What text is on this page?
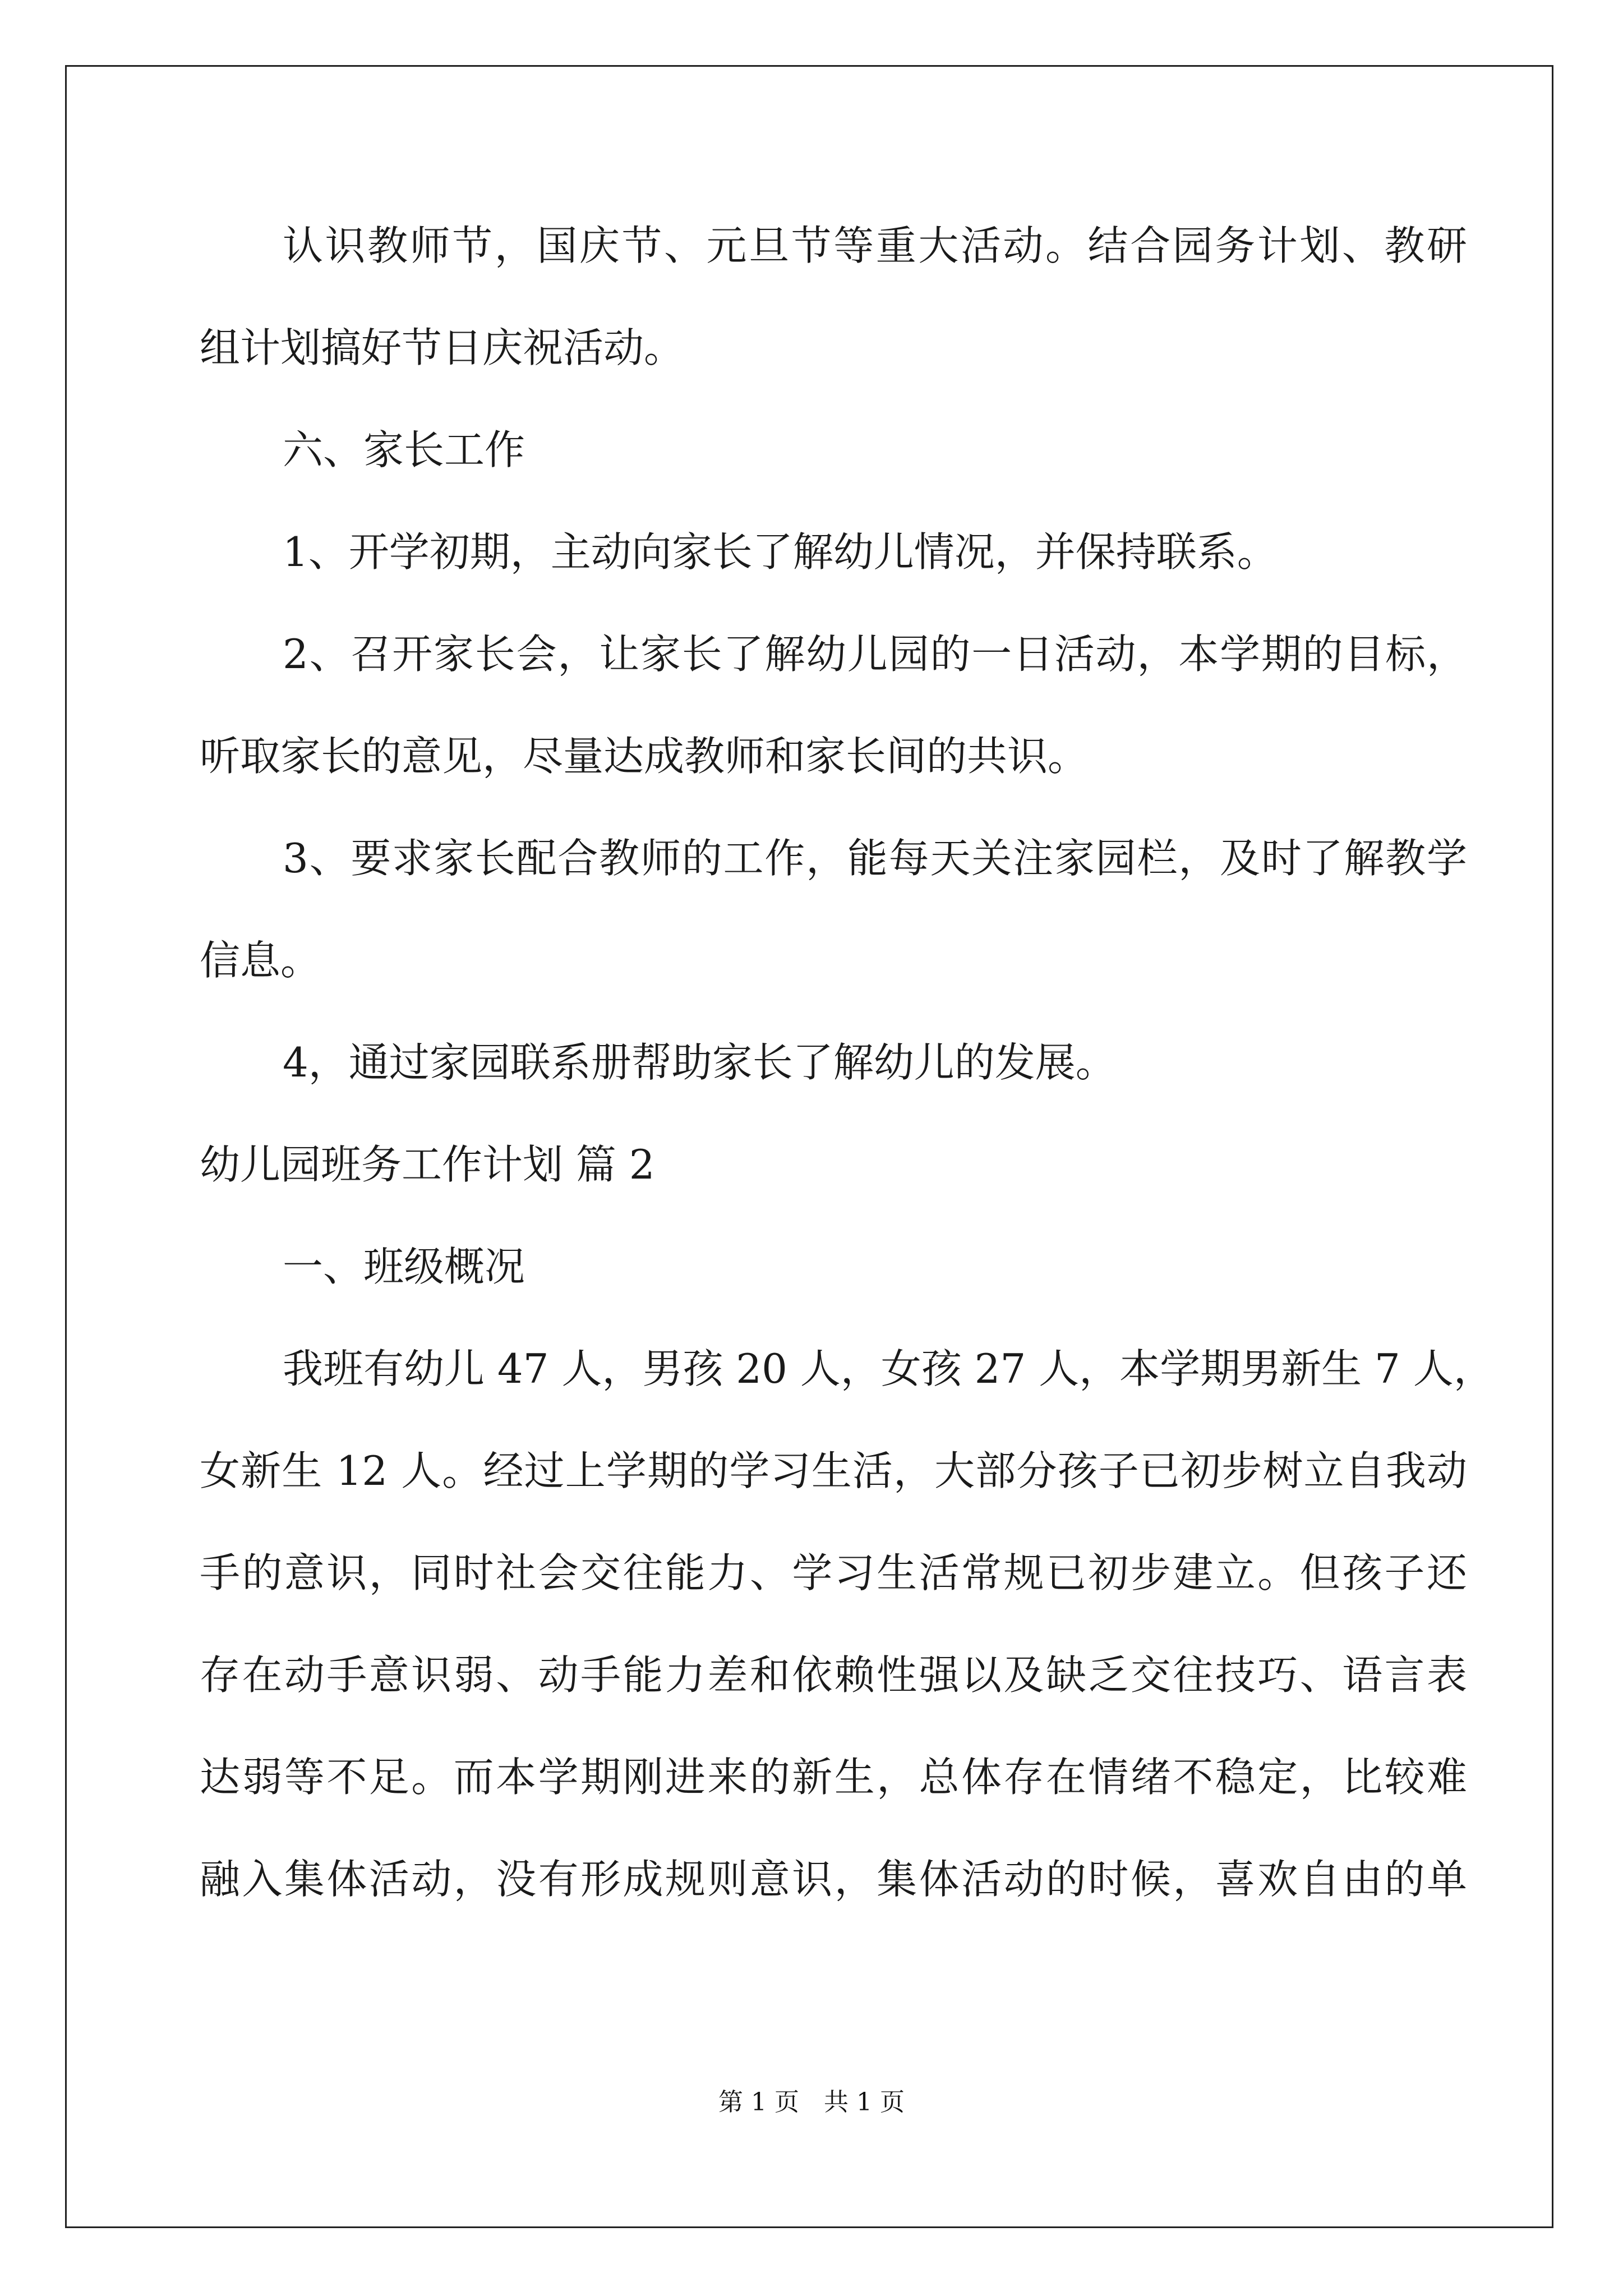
认识教师节，国庆节、元旦节等重大活动。结合园务计划、教研
组计划搞好节日庆祝活动。
六、家长工作
1、开学初期，主动向家长了解幼儿情况，并保持联系。
2、召开家长会，让家长了解幼儿园的一日活动，本学期的目标，
听取家长的意见，尽量达成教师和家长间的共识。
3、要求家长配合教师的工作，能每天关注家园栏，及时了解教学
信息。
4，通过家园联系册帮助家长了解幼儿的发展。
幼儿园班务工作计划 篇 2
一、班级概况
我班有幼儿 47 人，男孩 20 人，女孩 27 人，本学期男新生 7 人，
女新生 12 人。经过上学期的学习生活，大部分孩子已初步树立自我动
手的意识，同时社会交往能力、学习生活常规已初步建立。但孩子还
存在动手意识弱、动手能力差和依赖性强以及缺乏交往技巧、语言表
达弱等不足。而本学期刚进来的新生，总体存在情绪不稳定，比较难
融入集体活动，没有形成规则意识，集体活动的时候，喜欢自由的单
第 1 页 共 1 页
